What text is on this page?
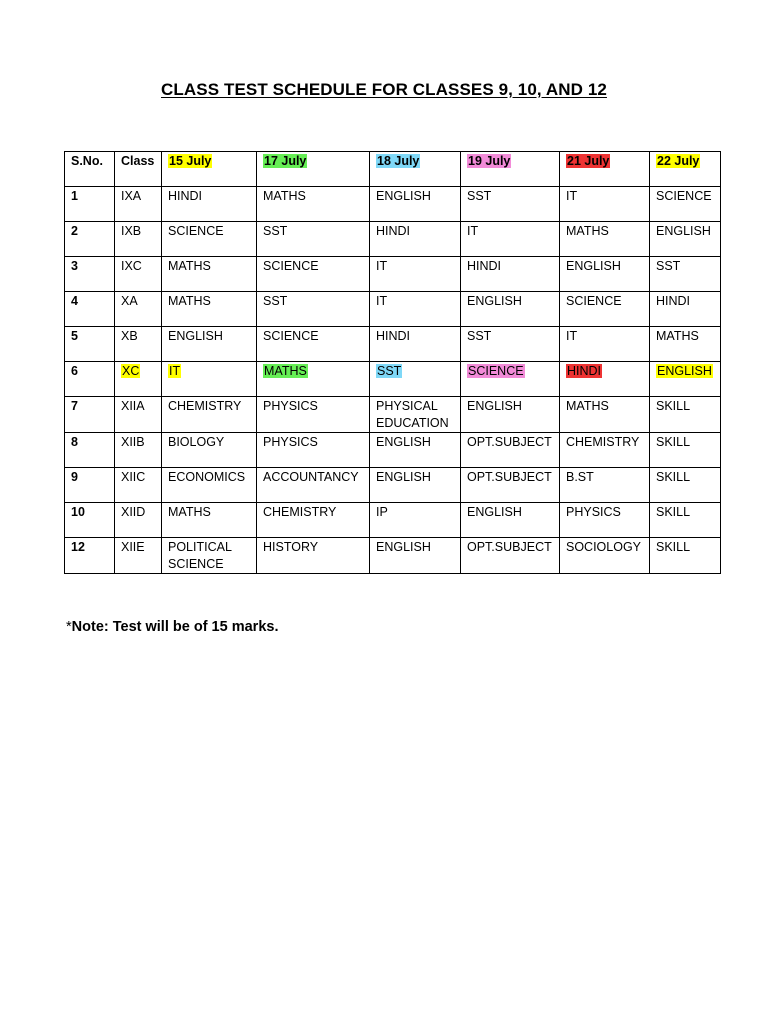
CLASS TEST SCHEDULE FOR CLASSES 9, 10, AND 12
S.No.	Class	15 July	17 July	18 July	19 July	21 July	22 July
1	IXA	HINDI	MATHS	ENGLISH	SST	IT	SCIENCE
2	IXB	SCIENCE	SST	HINDI	IT	MATHS	ENGLISH
3	IXC	MATHS	SCIENCE	IT	HINDI	ENGLISH	SST
4	XA	MATHS	SST	IT	ENGLISH	SCIENCE	HINDI
5	XB	ENGLISH	SCIENCE	HINDI	SST	IT	MATHS
6	XC	IT	MATHS	SST	SCIENCE	HINDI	ENGLISH
7	XIIA	CHEMISTRY	PHYSICS	PHYSICAL EDUCATION	ENGLISH	MATHS	SKILL
8	XIIB	BIOLOGY	PHYSICS	ENGLISH	OPT.SUBJECT	CHEMISTRY	SKILL
9	XIIC	ECONOMICS	ACCOUNTANCY	ENGLISH	OPT.SUBJECT	B.ST	SKILL
10	XIID	MATHS	CHEMISTRY	IP	ENGLISH	PHYSICS	SKILL
12	XIIE	POLITICAL SCIENCE	HISTORY	ENGLISH	OPT.SUBJECT	SOCIOLOGY	SKILL
*Note: Test will be of 15 marks.
